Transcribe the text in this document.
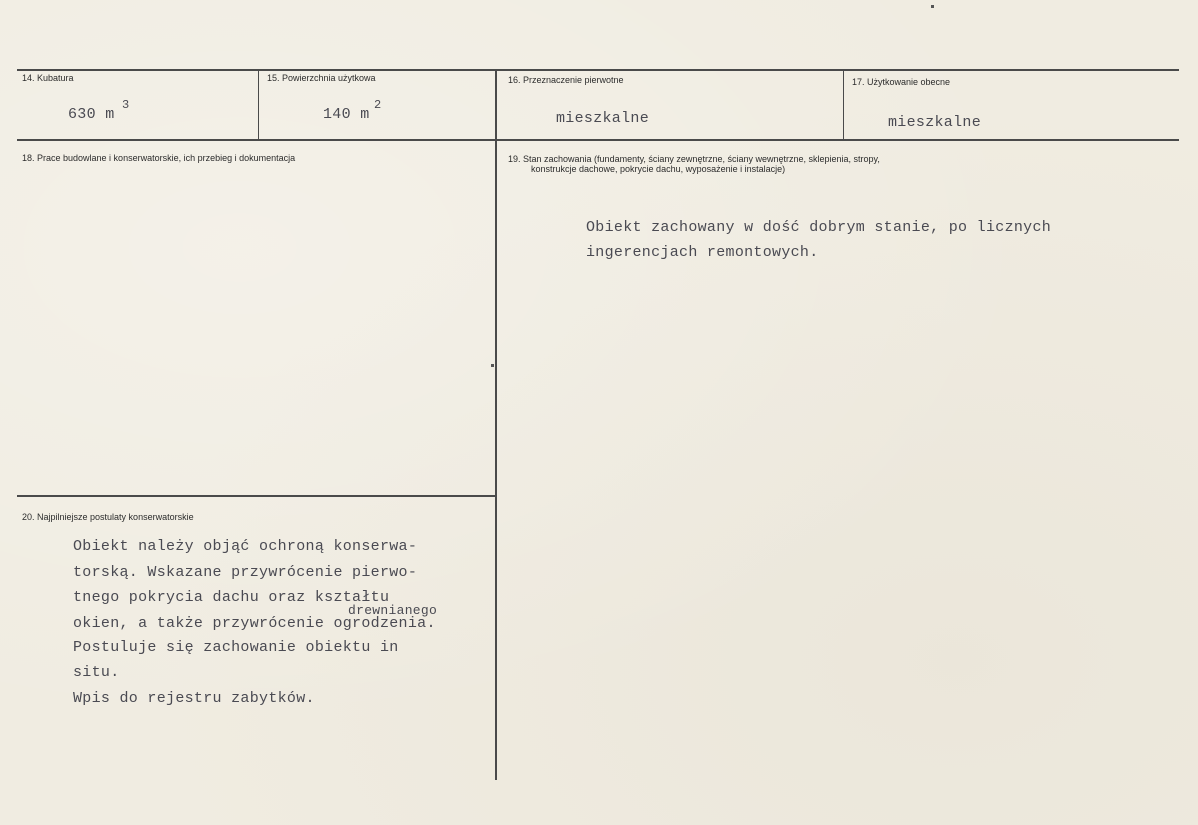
14. Kubatura
630 m
3
15. Powierzchnia użytkowa
140 m
2
16. Przeznaczenie pierwotne
mieszkalne
17. Użytkowanie obecne
mieszkalne
18. Prace budowlane i konserwatorskie, ich przebieg i dokumentacja	19. Stan zachowania (fundamenty, ściany zewnętrzne, ściany wewnętrzne, sklepienia, stropy,
konstrukcje dachowe, pokrycie dachu, wyposażenie i instalacje)
Obiekt zachowany w dość dobrym stanie, po licznych
ingerencjach remontowych.
20. Najpilniejsze postulaty konserwatorskie
Obiekt należy objąć ochroną konserwa-
torską. Wskazane przywrócenie pierwo-
tnego pokrycia dachu oraz kształtu
drewnianego
okien, a także przywrócenie ogrodzenia.
Postuluje się zachowanie obiektu in
situ.
Wpis do rejestru zabytków.
